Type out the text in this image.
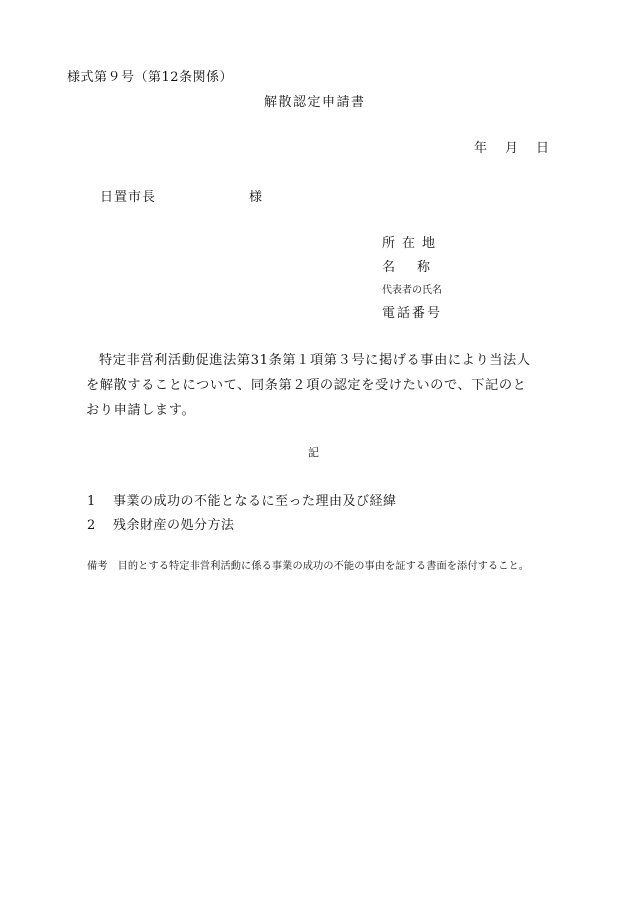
様式第９号（第12条関係）
解散認定申請書
年 月 日
日置市長	様
所在地
名 称
代表者の氏名
電話番号

特定非営利活動促進法第31条第１項第３号に掲げる事由により当法人

を解散することについて、同条第２項の認定を受けたいので、下記のと

おり申請します。

記
1 事業の成功の不能となるに至った理由及び経緯
2 残余財産の処分方法
備考 目的とする特定非営利活動に係る事業の成功の不能の事由を証する書面を添付すること。
